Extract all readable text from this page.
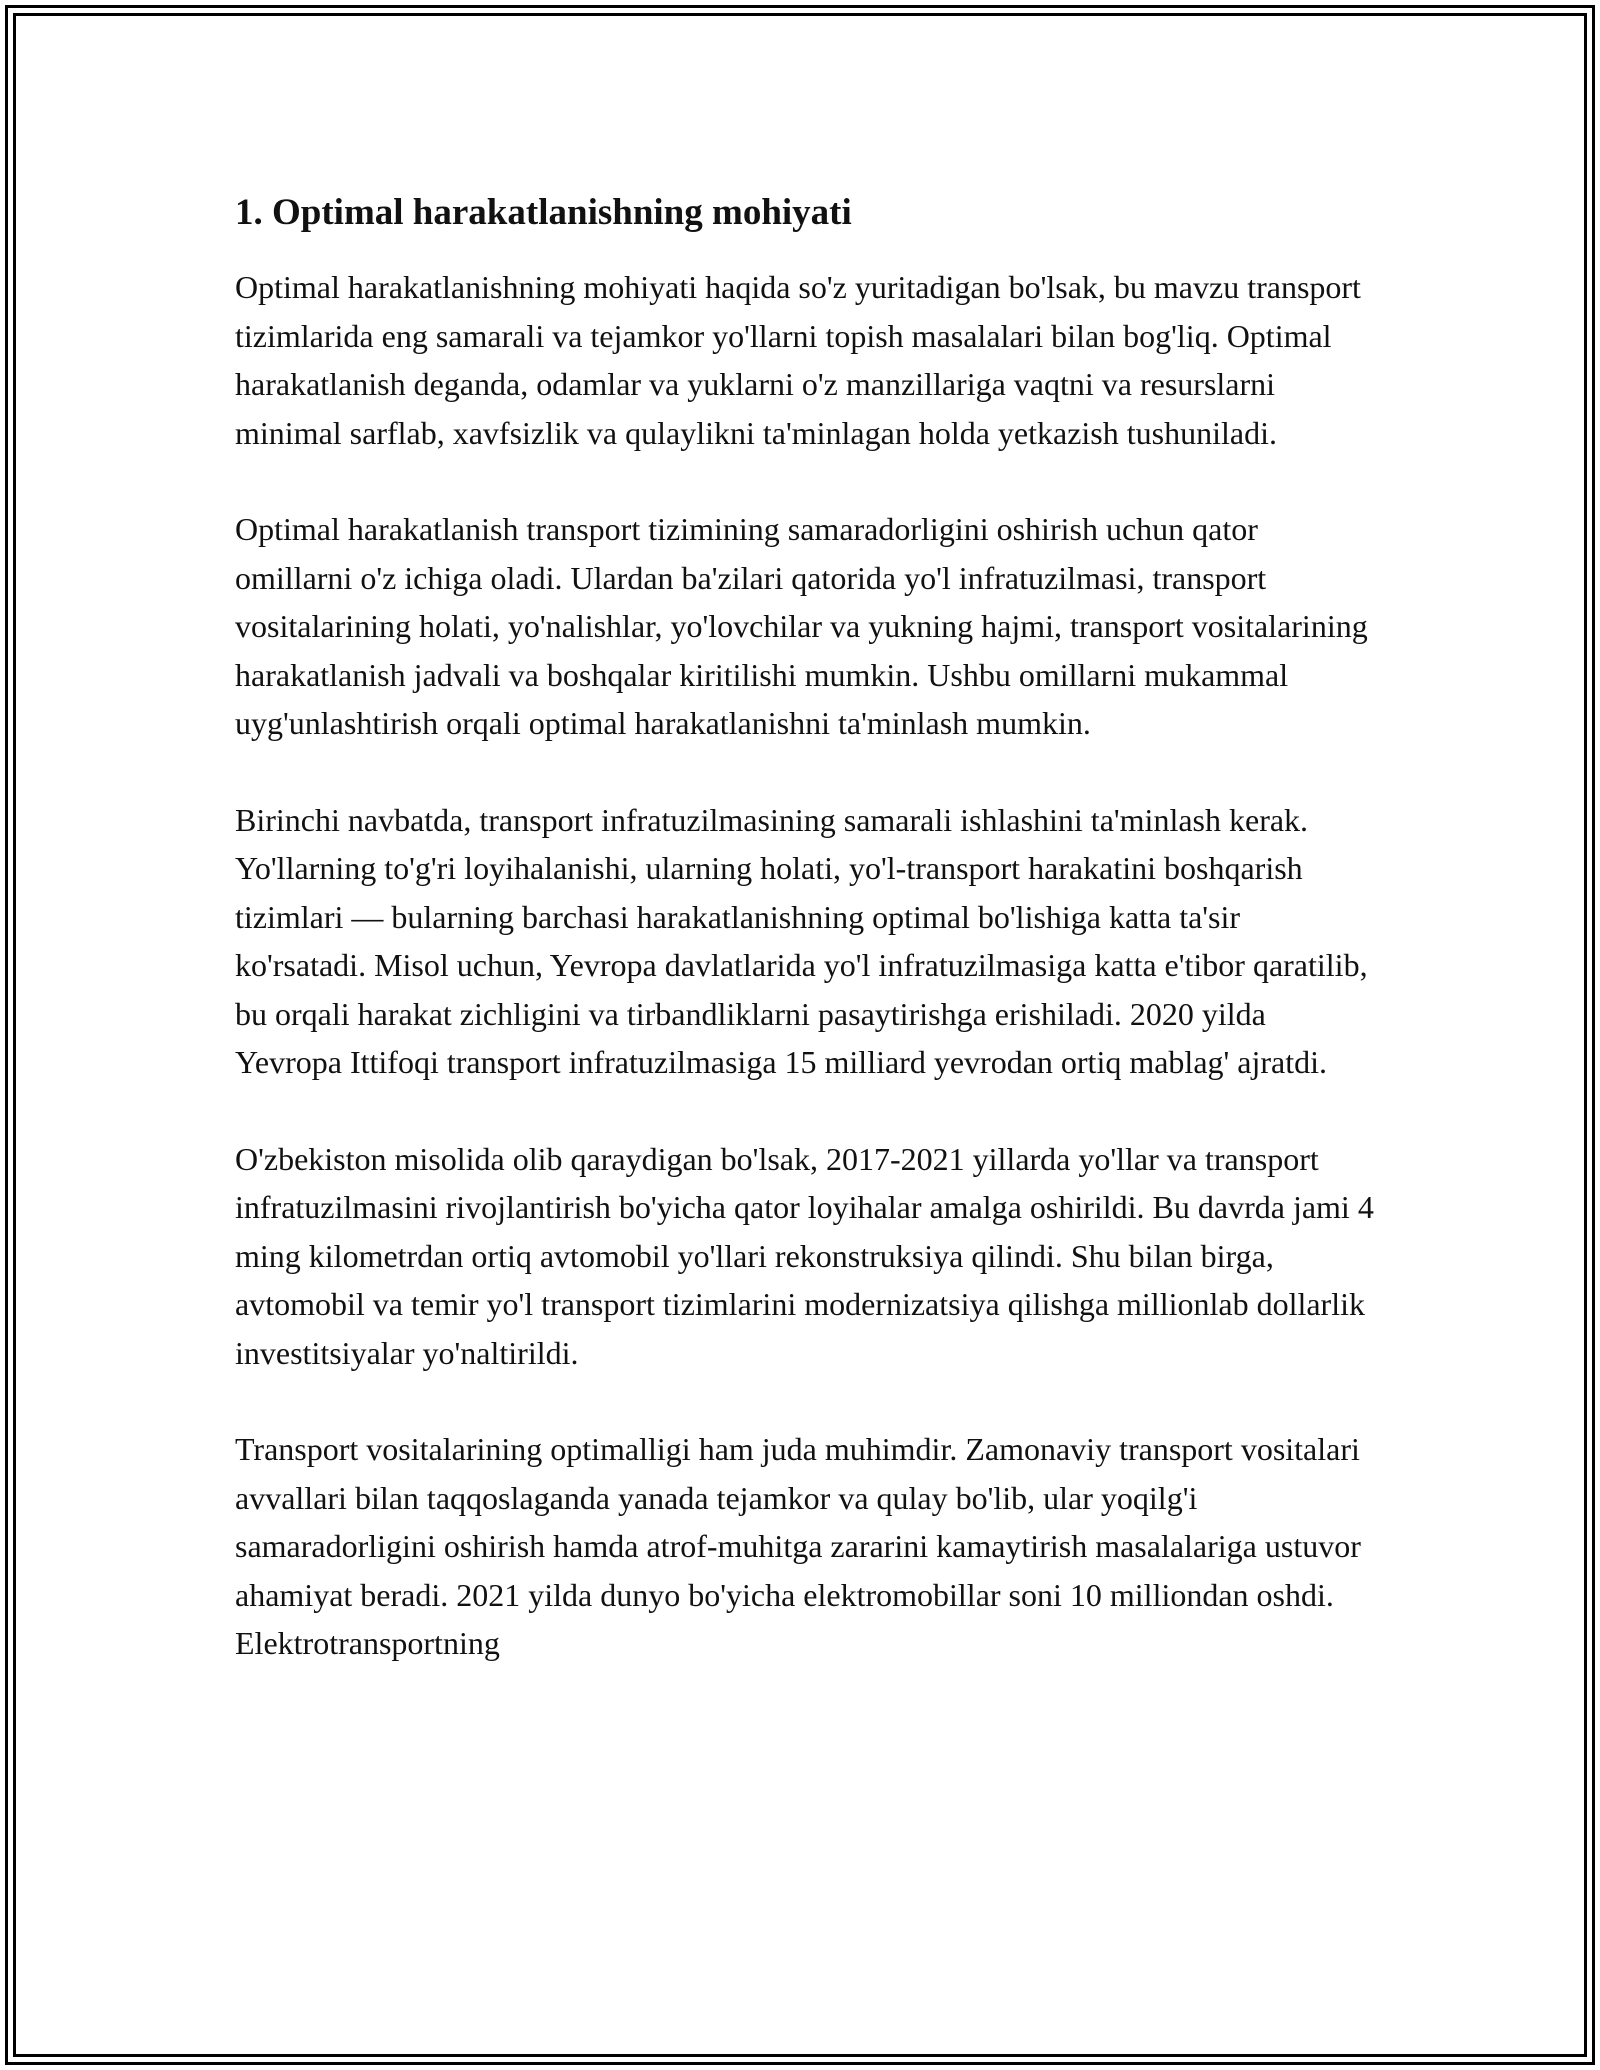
1. Optimal harakatlanishning mohiyati

Optimal harakatlanishning mohiyati haqida so'z yuritadigan bo'lsak, bu mavzu transport tizimlarida eng samarali va tejamkor yo'llarni topish masalalari bilan bog'liq. Optimal harakatlanish deganda, odamlar va yuklarni o'z manzillariga vaqtni va resurslarni minimal sarflab, xavfsizlik va qulaylikni ta'minlagan holda yetkazish tushuniladi.

Optimal harakatlanish transport tizimining samaradorligini oshirish uchun qator omillarni o'z ichiga oladi. Ulardan ba'zilari qatorida yo'l infratuzilmasi, transport vositalarining holati, yo'nalishlar, yo'lovchilar va yukning hajmi, transport vositalarining harakatlanish jadvali va boshqalar kiritilishi mumkin. Ushbu omillarni mukammal uyg'unlashtirish orqali optimal harakatlanishni ta'minlash mumkin.

Birinchi navbatda, transport infratuzilmasining samarali ishlashini ta'minlash kerak. Yo'llarning to'g'ri loyihalanishi, ularning holati, yo'l-transport harakatini boshqarish tizimlari — bularning barchasi harakatlanishning optimal bo'lishiga katta ta'sir ko'rsatadi. Misol uchun, Yevropa davlatlarida yo'l infratuzilmasiga katta e'tibor qaratilib, bu orqali harakat zichligini va tirbandliklarni pasaytirishga erishiladi. 2020 yilda Yevropa Ittifoqi transport infratuzilmasiga 15 milliard yevrodan ortiq mablag' ajratdi.

O'zbekiston misolida olib qaraydigan bo'lsak, 2017-2021 yillarda yo'llar va transport infratuzilmasini rivojlantirish bo'yicha qator loyihalar amalga oshirildi. Bu davrda jami 4 ming kilometrdan ortiq avtomobil yo'llari rekonstruksiya qilindi. Shu bilan birga, avtomobil va temir yo'l transport tizimlarini modernizatsiya qilishga millionlab dollarlik investitsiyalar yo'naltirildi.

Transport vositalarining optimalligi ham juda muhimdir. Zamonaviy transport vositalari avvallari bilan taqqoslaganda yanada tejamkor va qulay bo'lib, ular yoqilg'i samaradorligini oshirish hamda atrof-muhitga zararini kamaytirish masalalariga ustuvor ahamiyat beradi. 2021 yilda dunyo bo'yicha elektromobillar soni 10 milliondan oshdi. Elektrotransportning
